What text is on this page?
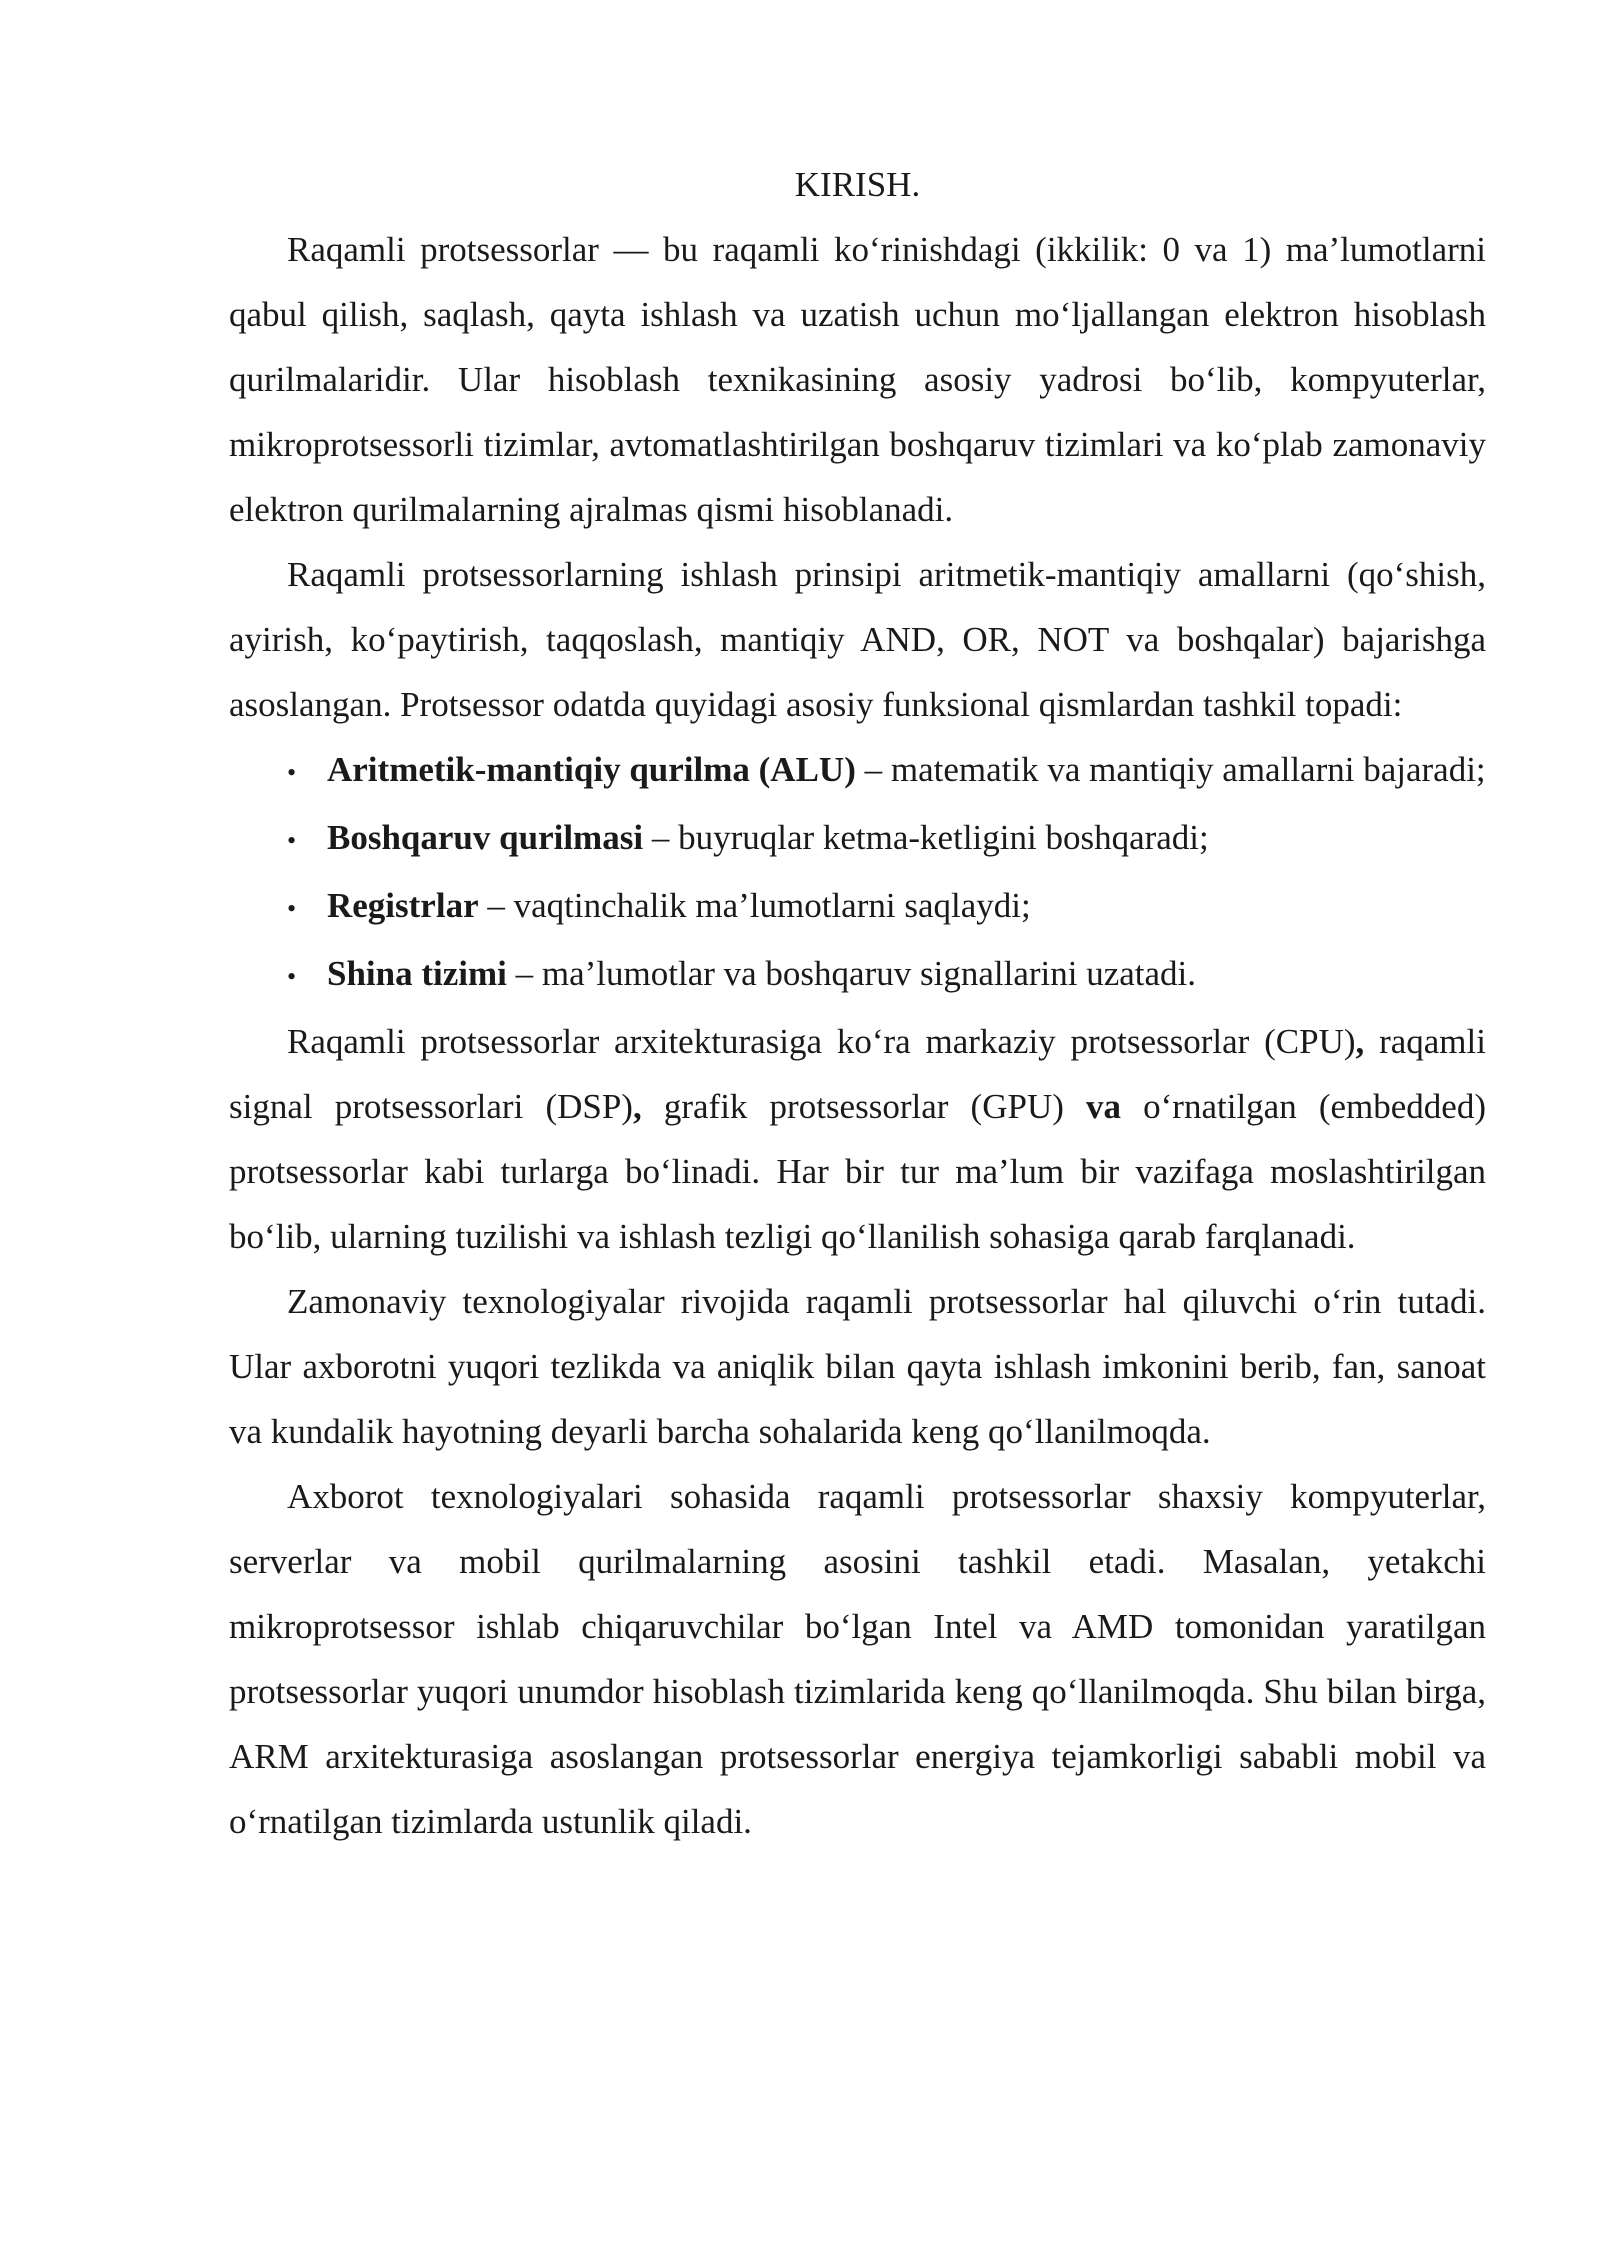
KIRISH.

Raqamli protsessorlar — bu raqamli koʻrinishdagi (ikkilik: 0 va 1) ma’lumotlarni qabul qilish, saqlash, qayta ishlash va uzatish uchun moʻljallangan elektron hisoblash qurilmalaridir. Ular hisoblash texnikasining asosiy yadrosi boʻlib, kompyuterlar, mikroprotsessorli tizimlar, avtomatlashtirilgan boshqaruv tizimlari va koʻplab zamonaviy elektron qurilmalarning ajralmas qismi hisoblanadi.

Raqamli protsessorlarning ishlash prinsipi aritmetik-mantiqiy amallarni (qoʻshish, ayirish, koʻpaytirish, taqqoslash, mantiqiy AND, OR, NOT va boshqalar) bajarishga asoslangan. Protsessor odatda quyidagi asosiy funksional qismlardan tashkil topadi:

• Aritmetik-mantiqiy qurilma (ALU) – matematik va mantiqiy amallarni bajaradi;

• Boshqaruv qurilmasi – buyruqlar ketma-ketligini boshqaradi;

• Registrlar – vaqtinchalik ma’lumotlarni saqlaydi;

• Shina tizimi – ma’lumotlar va boshqaruv signallarini uzatadi.

Raqamli protsessorlar arxitekturasiga koʻra markaziy protsessorlar (CPU), raqamli signal protsessorlari (DSP), grafik protsessorlar (GPU) va oʻrnatilgan (embedded) protsessorlar kabi turlarga boʻlinadi. Har bir tur ma’lum bir vazifaga moslashtirilgan boʻlib, ularning tuzilishi va ishlash tezligi qoʻllanilish sohasiga qarab farqlanadi.

Zamonaviy texnologiyalar rivojida raqamli protsessorlar hal qiluvchi oʻrin tutadi. Ular axborotni yuqori tezlikda va aniqlik bilan qayta ishlash imkonini berib, fan, sanoat va kundalik hayotning deyarli barcha sohalarida keng qoʻllanilmoqda.

Axborot texnologiyalari sohasida raqamli protsessorlar shaxsiy kompyuterlar, serverlar va mobil qurilmalarning asosini tashkil etadi. Masalan, yetakchi mikroprotsessor ishlab chiqaruvchilar boʻlgan Intel va AMD tomonidan yaratilgan protsessorlar yuqori unumdor hisoblash tizimlarida keng qoʻllanilmoqda. Shu bilan birga, ARM arxitekturasiga asoslangan protsessorlar energiya tejamkorligi sababli mobil va oʻrnatilgan tizimlarda ustunlik qiladi.
